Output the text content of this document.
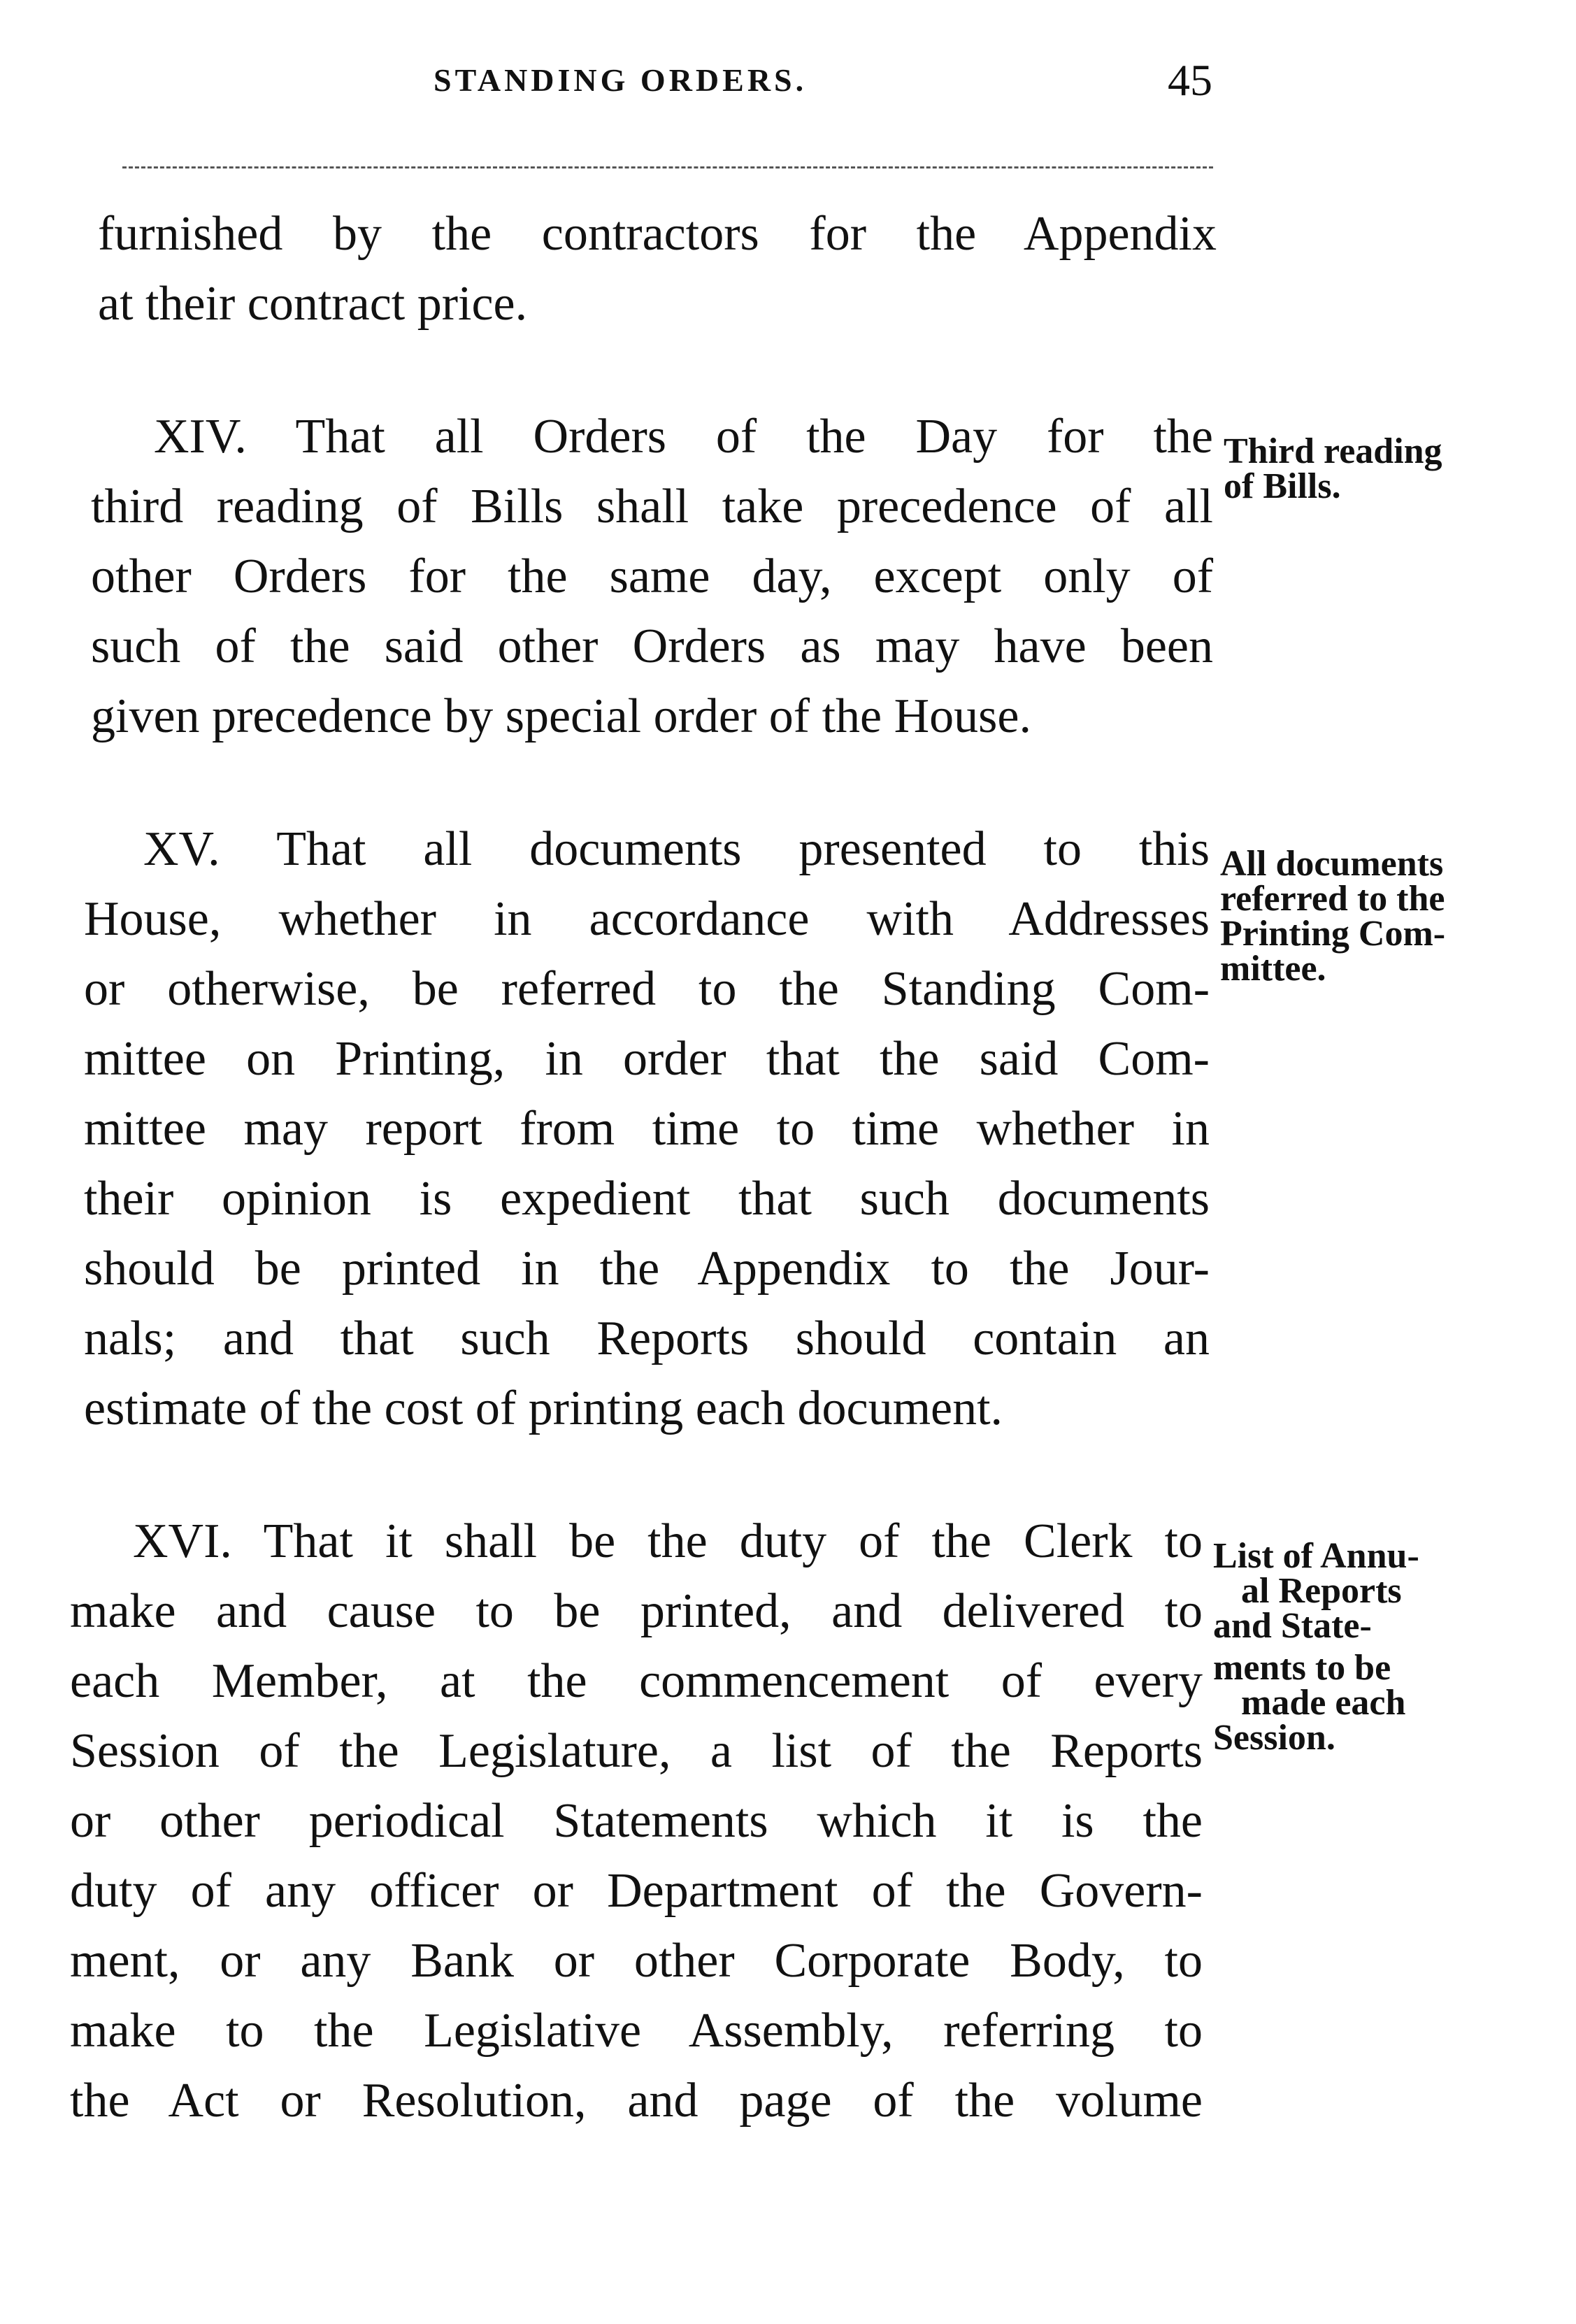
STANDING ORDERS.	45
furnished by the contractors for the Appendix
at their contract price.
XIV. That all Orders of the Day for the
third reading of Bills shall take precedence of all
other Orders for the same day, except only of
such of the said other Orders as may have been
given precedence by special order of the House.
Third reading
of Bills.
XV. That all documents presented to this
House, whether in accordance with Addresses
or otherwise, be referred to the Standing Com-
mittee on Printing, in order that the said Com-
mittee may report from time to time whether in
their opinion is expedient that such documents
should be printed in the Appendix to the Jour-
nals; and that such Reports should contain an
estimate of the cost of printing each document.
All documents
referred to the
Printing Com-
mittee.
XVI. That it shall be the duty of the Clerk to
make and cause to be printed, and delivered to
each Member, at the commencement of every
Session of the Legislature, a list of the Reports
or other periodical Statements which it is the
duty of any officer or Department of the Govern-
ment, or any Bank or other Corporate Body, to
make to the Legislative Assembly, referring to
the Act or Resolution, and page of the volume
List of Annu-
al Reports
and State-
ments to be
made each
Session.
